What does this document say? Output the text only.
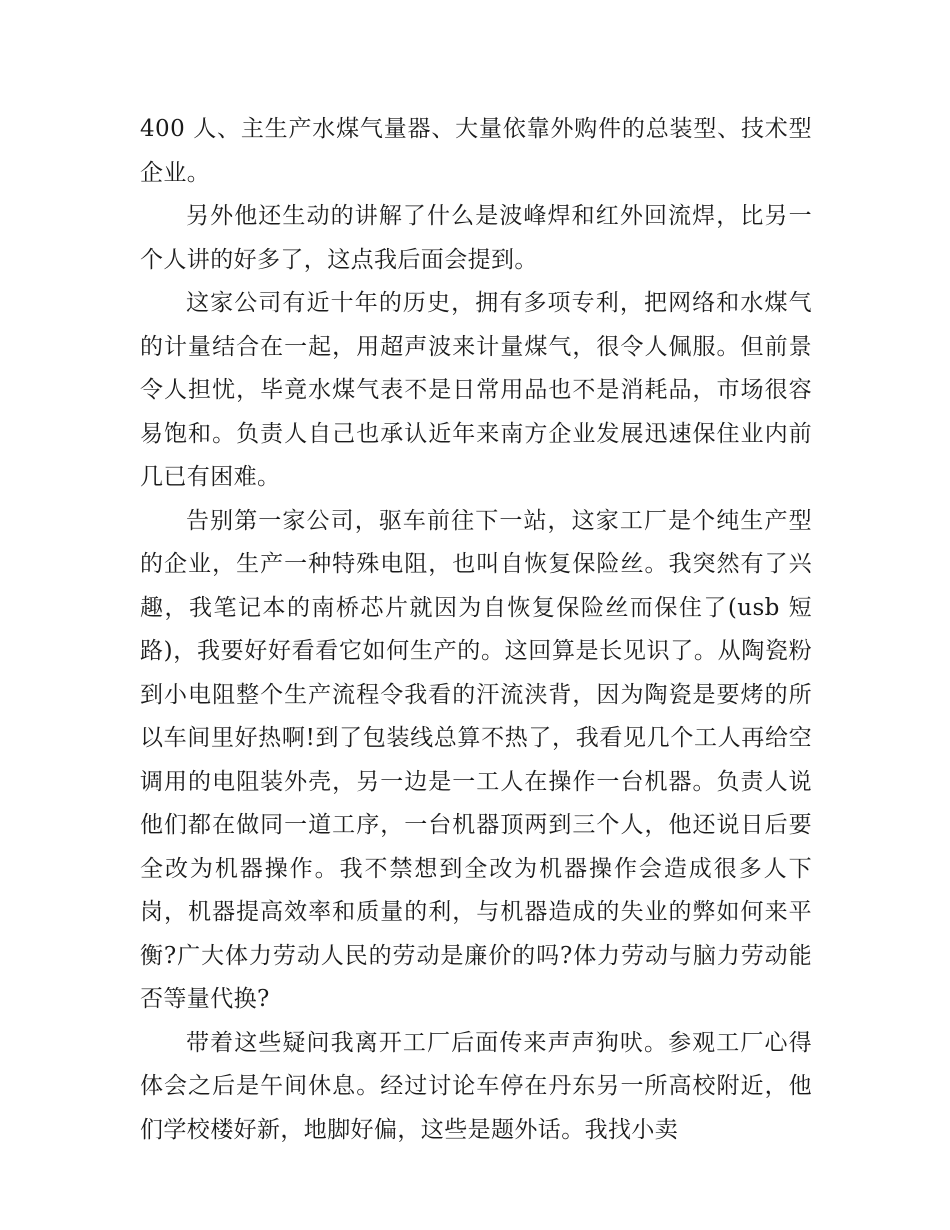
400 人、主生产水煤气量器、大量依靠外购件的总装型、技术型企业。

另外他还生动的讲解了什么是波峰焊和红外回流焊，比另一个人讲的好多了，这点我后面会提到。

这家公司有近十年的历史，拥有多项专利，把网络和水煤气的计量结合在一起，用超声波来计量煤气，很令人佩服。但前景令人担忧，毕竟水煤气表不是日常用品也不是消耗品，市场很容易饱和。负责人自己也承认近年来南方企业发展迅速保住业内前几已有困难。

告别第一家公司，驱车前往下一站，这家工厂是个纯生产型的企业，生产一种特殊电阻，也叫自恢复保险丝。我突然有了兴趣，我笔记本的南桥芯片就因为自恢复保险丝而保住了(usb 短路)，我要好好看看它如何生产的。这回算是长见识了。从陶瓷粉到小电阻整个生产流程令我看的汗流浃背，因为陶瓷是要烤的所以车间里好热啊!到了包装线总算不热了，我看见几个工人再给空调用的电阻装外壳，另一边是一工人在操作一台机器。负责人说他们都在做同一道工序，一台机器顶两到三个人，他还说日后要全改为机器操作。我不禁想到全改为机器操作会造成很多人下岗，机器提高效率和质量的利，与机器造成的失业的弊如何来平衡?广大体力劳动人民的劳动是廉价的吗?体力劳动与脑力劳动能否等量代换?

带着这些疑问我离开工厂后面传来声声狗吠。参观工厂心得体会之后是午间休息。经过讨论车停在丹东另一所高校附近，他们学校楼好新，地脚好偏，这些是题外话。我找小卖
